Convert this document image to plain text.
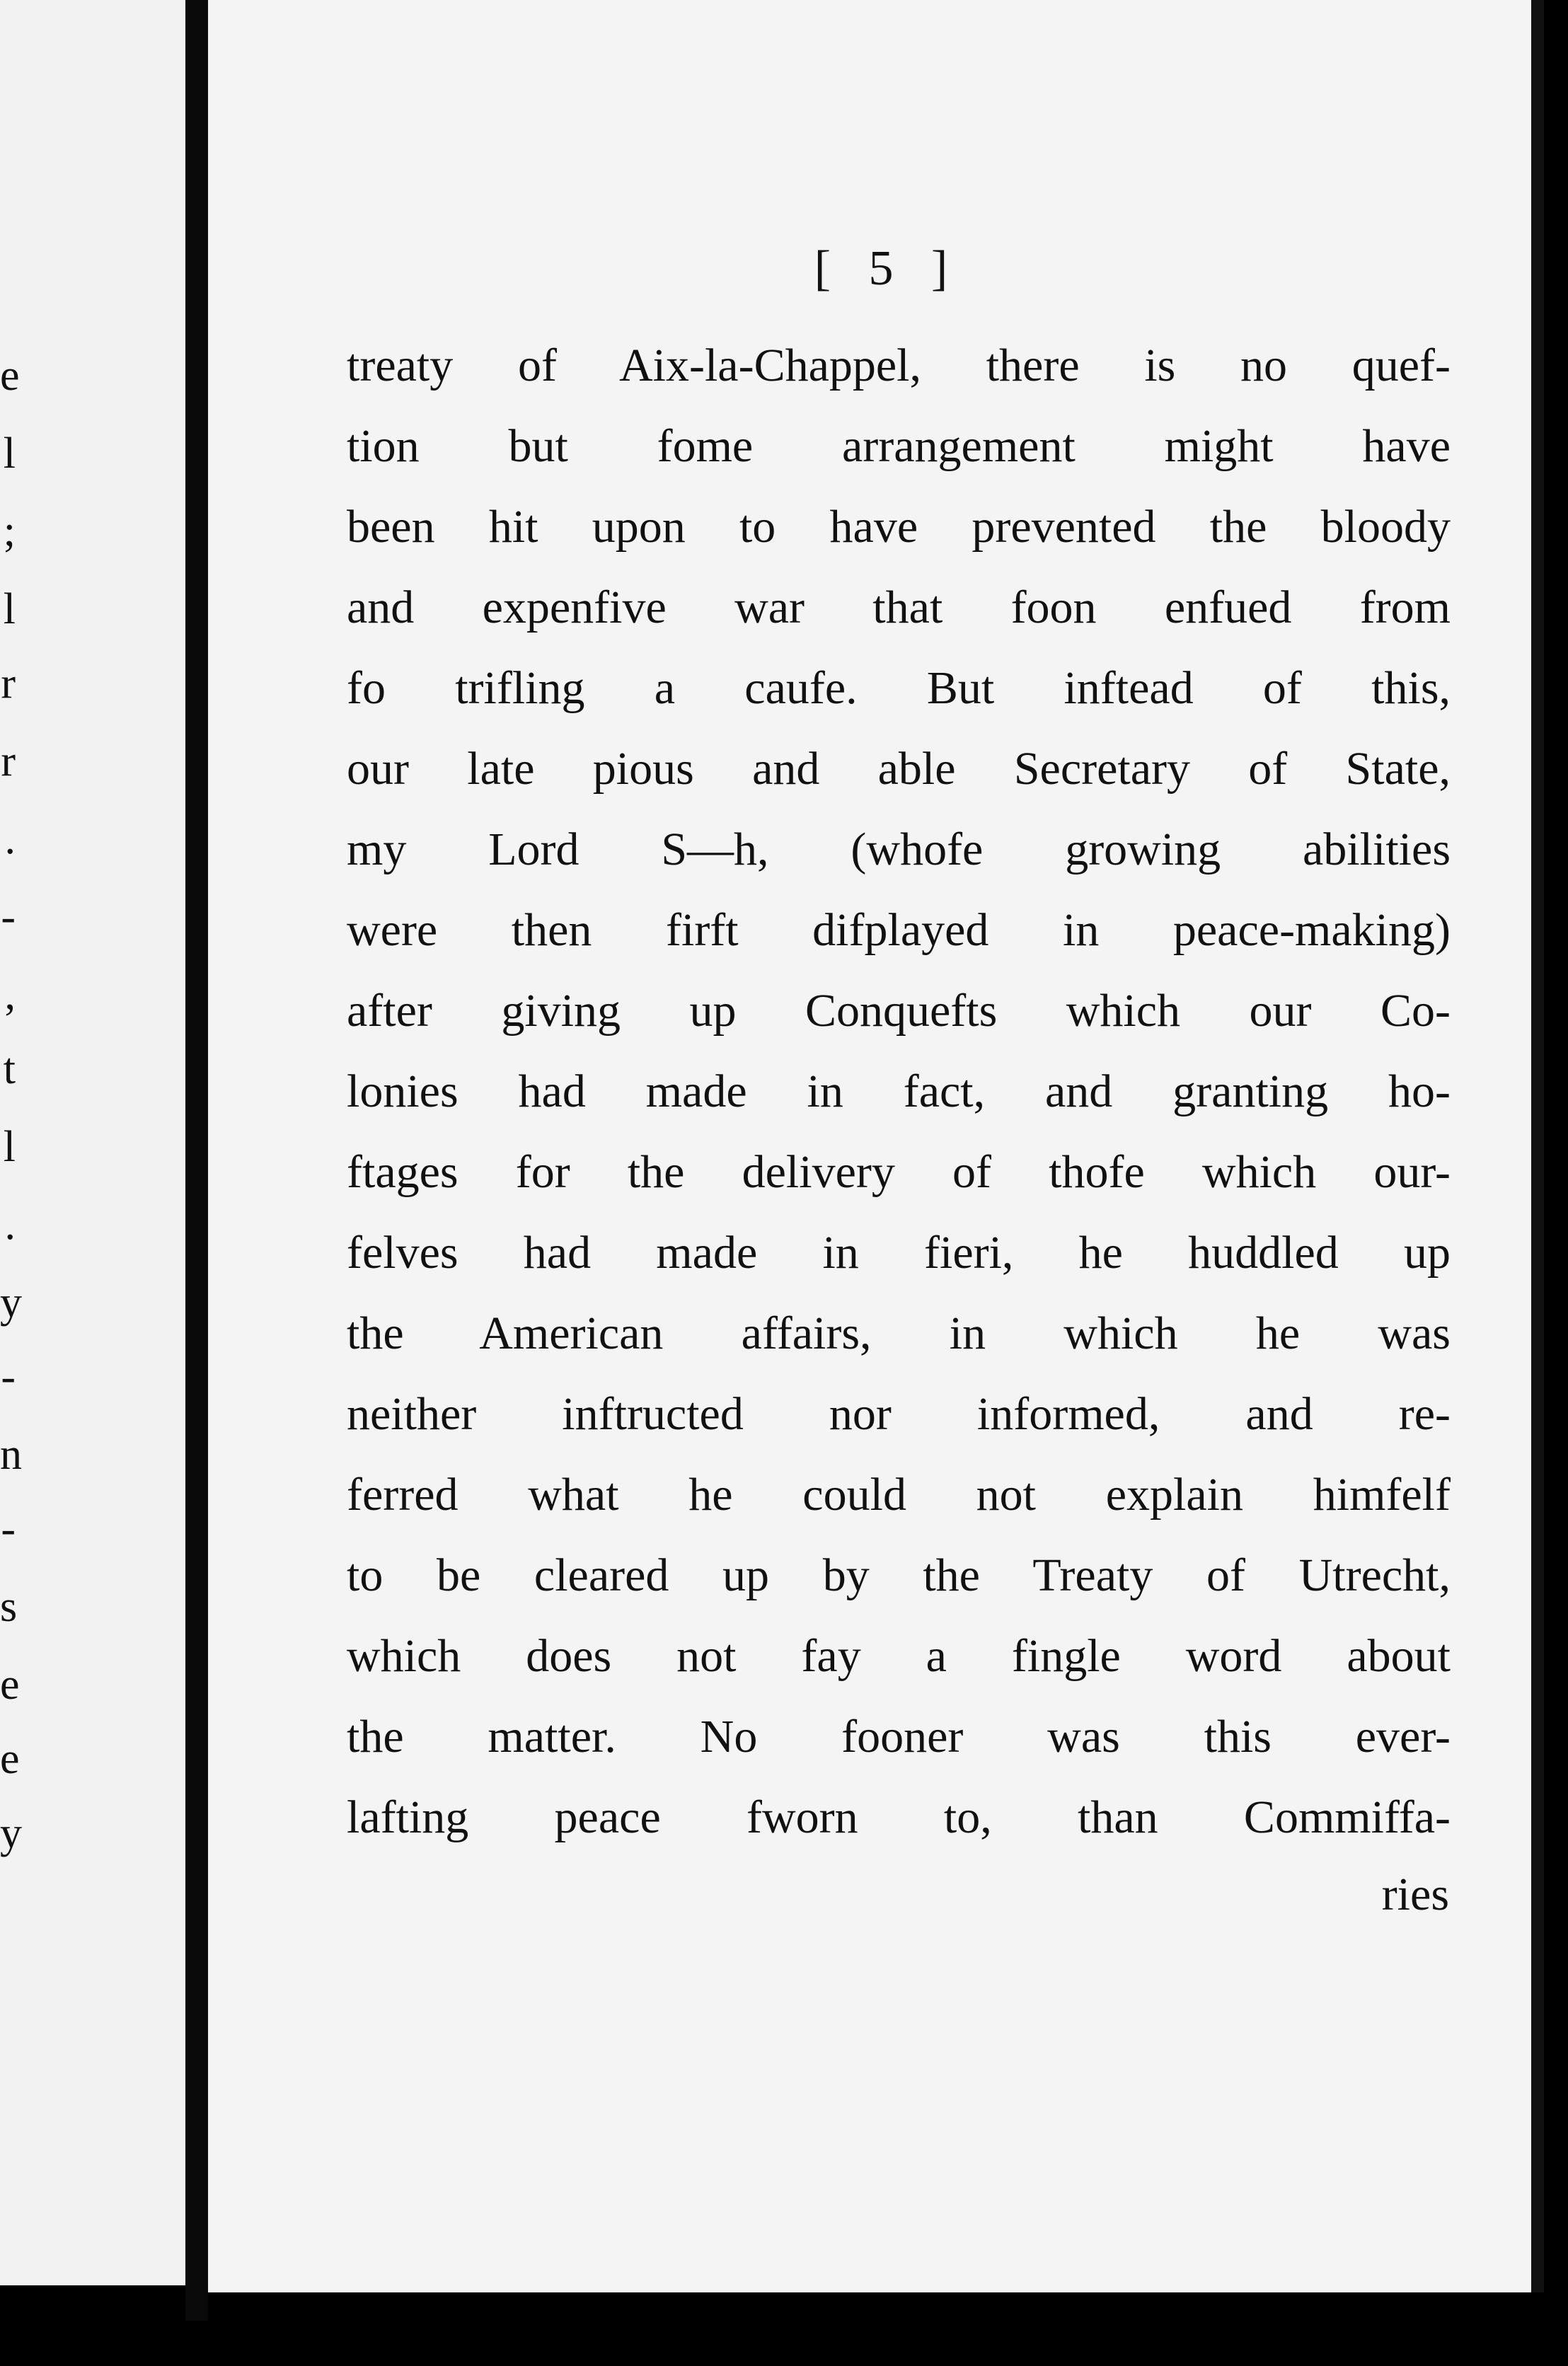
e
l
;
l
r
r
.
-
,
t
l
.
y
-
n
-
s
e
e
y
[ 5 ]
treaty of Aix-la-Chappel, there is no quef-
tion but fome arrangement might have
been hit upon to have prevented the bloody
and expenfive war that foon enfued from
fo trifling a caufe. But inftead of this,
our late pious and able Secretary of State,
my Lord S—h, (whofe growing abilities
were then firft difplayed in peace-making)
after giving up Conquefts which our Co-
lonies had made in fact, and granting ho-
ftages for the delivery of thofe which our-
felves had made in fieri, he huddled up
the American affairs, in which he was
neither inftructed nor informed, and re-
ferred what he could not explain himfelf
to be cleared up by the Treaty of Utrecht,
which does not fay a fingle word about
the matter. No fooner was this ever-
lafting peace fworn to, than Commiffa-
ries
